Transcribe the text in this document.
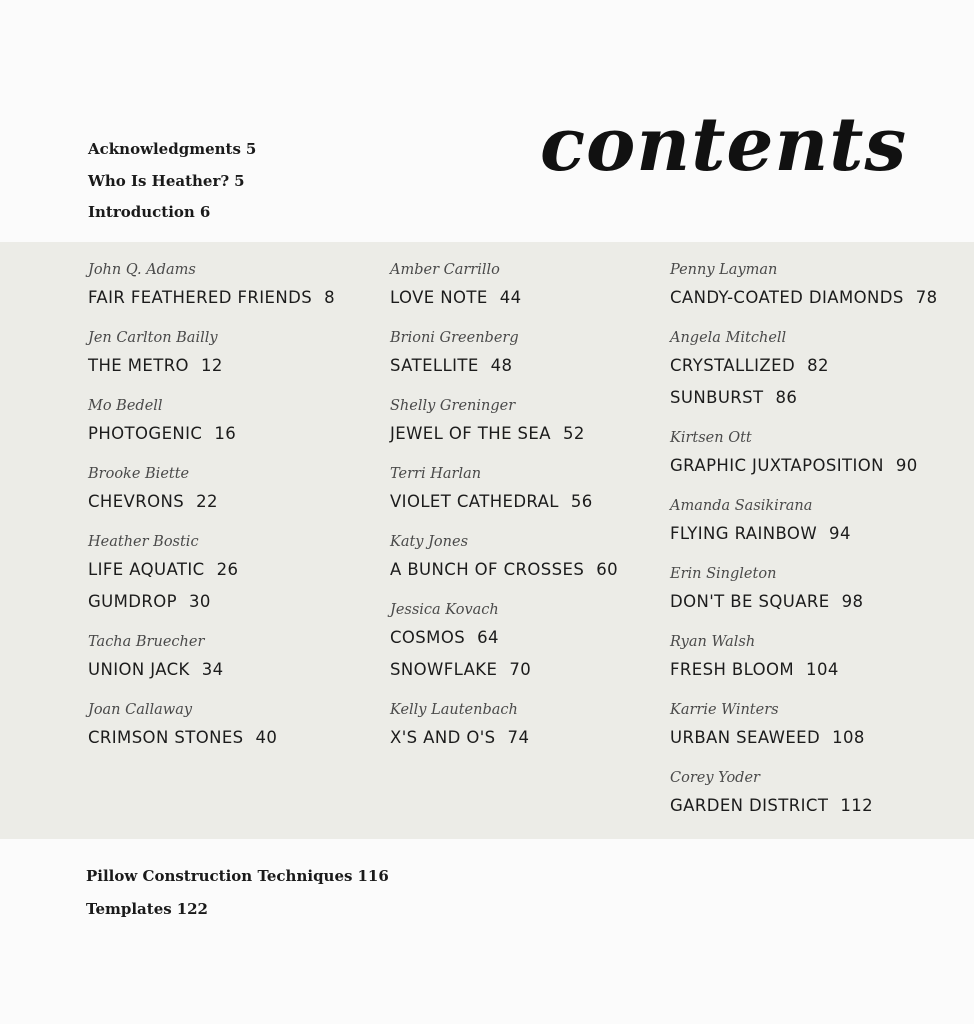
Acknowledgments 5
Who Is Heather? 5
Introduction 6
contents
John Q. Adams
FAIR FEATHERED FRIENDS 8
Jen Carlton Bailly
THE METRO 12
Mo Bedell
PHOTOGENIC 16
Brooke Biette
CHEVRONS 22
Heather Bostic
LIFE AQUATIC 26
GUMDROP 30
Tacha Bruecher
UNION JACK 34
Joan Callaway
CRIMSON STONES 40
Amber Carrillo
LOVE NOTE 44
Brioni Greenberg
SATELLITE 48
Shelly Greninger
JEWEL OF THE SEA 52
Terri Harlan
VIOLET CATHEDRAL 56
Katy Jones
A BUNCH OF CROSSES 60
Jessica Kovach
COSMOS 64
SNOWFLAKE 70
Kelly Lautenbach
X'S AND O'S 74
Penny Layman
CANDY-COATED DIAMONDS 78
Angela Mitchell
CRYSTALLIZED 82
SUNBURST 86
Kirtsen Ott
GRAPHIC JUXTAPOSITION 90
Amanda Sasikirana
FLYING RAINBOW 94
Erin Singleton
DON'T BE SQUARE 98
Ryan Walsh
FRESH BLOOM 104
Karrie Winters
URBAN SEAWEED 108
Corey Yoder
GARDEN DISTRICT 112
Pillow Construction Techniques 116
Templates 122
